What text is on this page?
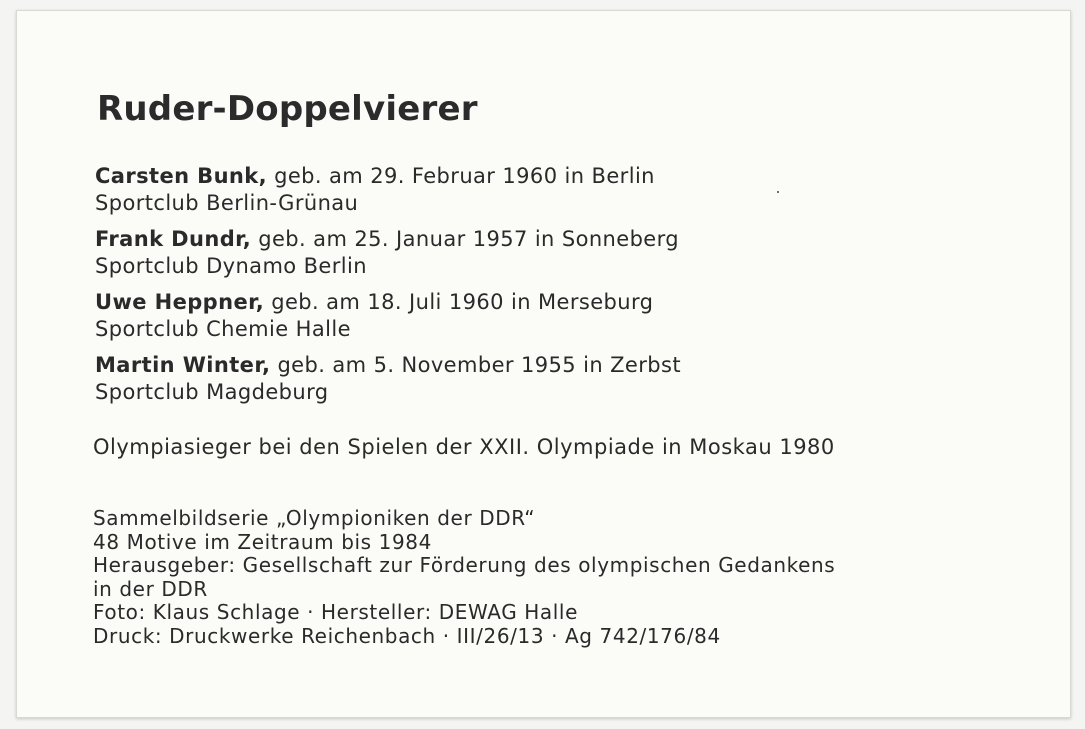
Ruder-Doppelvierer
Carsten Bunk, geb. am 29. Februar 1960 in Berlin
Sportclub Berlin-Grünau
Frank Dundr, geb. am 25. Januar 1957 in Sonneberg
Sportclub Dynamo Berlin
Uwe Heppner, geb. am 18. Juli 1960 in Merseburg
Sportclub Chemie Halle
Martin Winter, geb. am 5. November 1955 in Zerbst
Sportclub Magdeburg
Olympiasieger bei den Spielen der XXII. Olympiade in Moskau 1980
Sammelbildserie „Olympioniken der DDR“
48 Motive im Zeitraum bis 1984
Herausgeber: Gesellschaft zur Förderung des olympischen Gedankens
in der DDR
Foto: Klaus Schlage · Hersteller: DEWAG Halle
Druck: Druckwerke Reichenbach · III/26/13 · Ag 742/176/84
